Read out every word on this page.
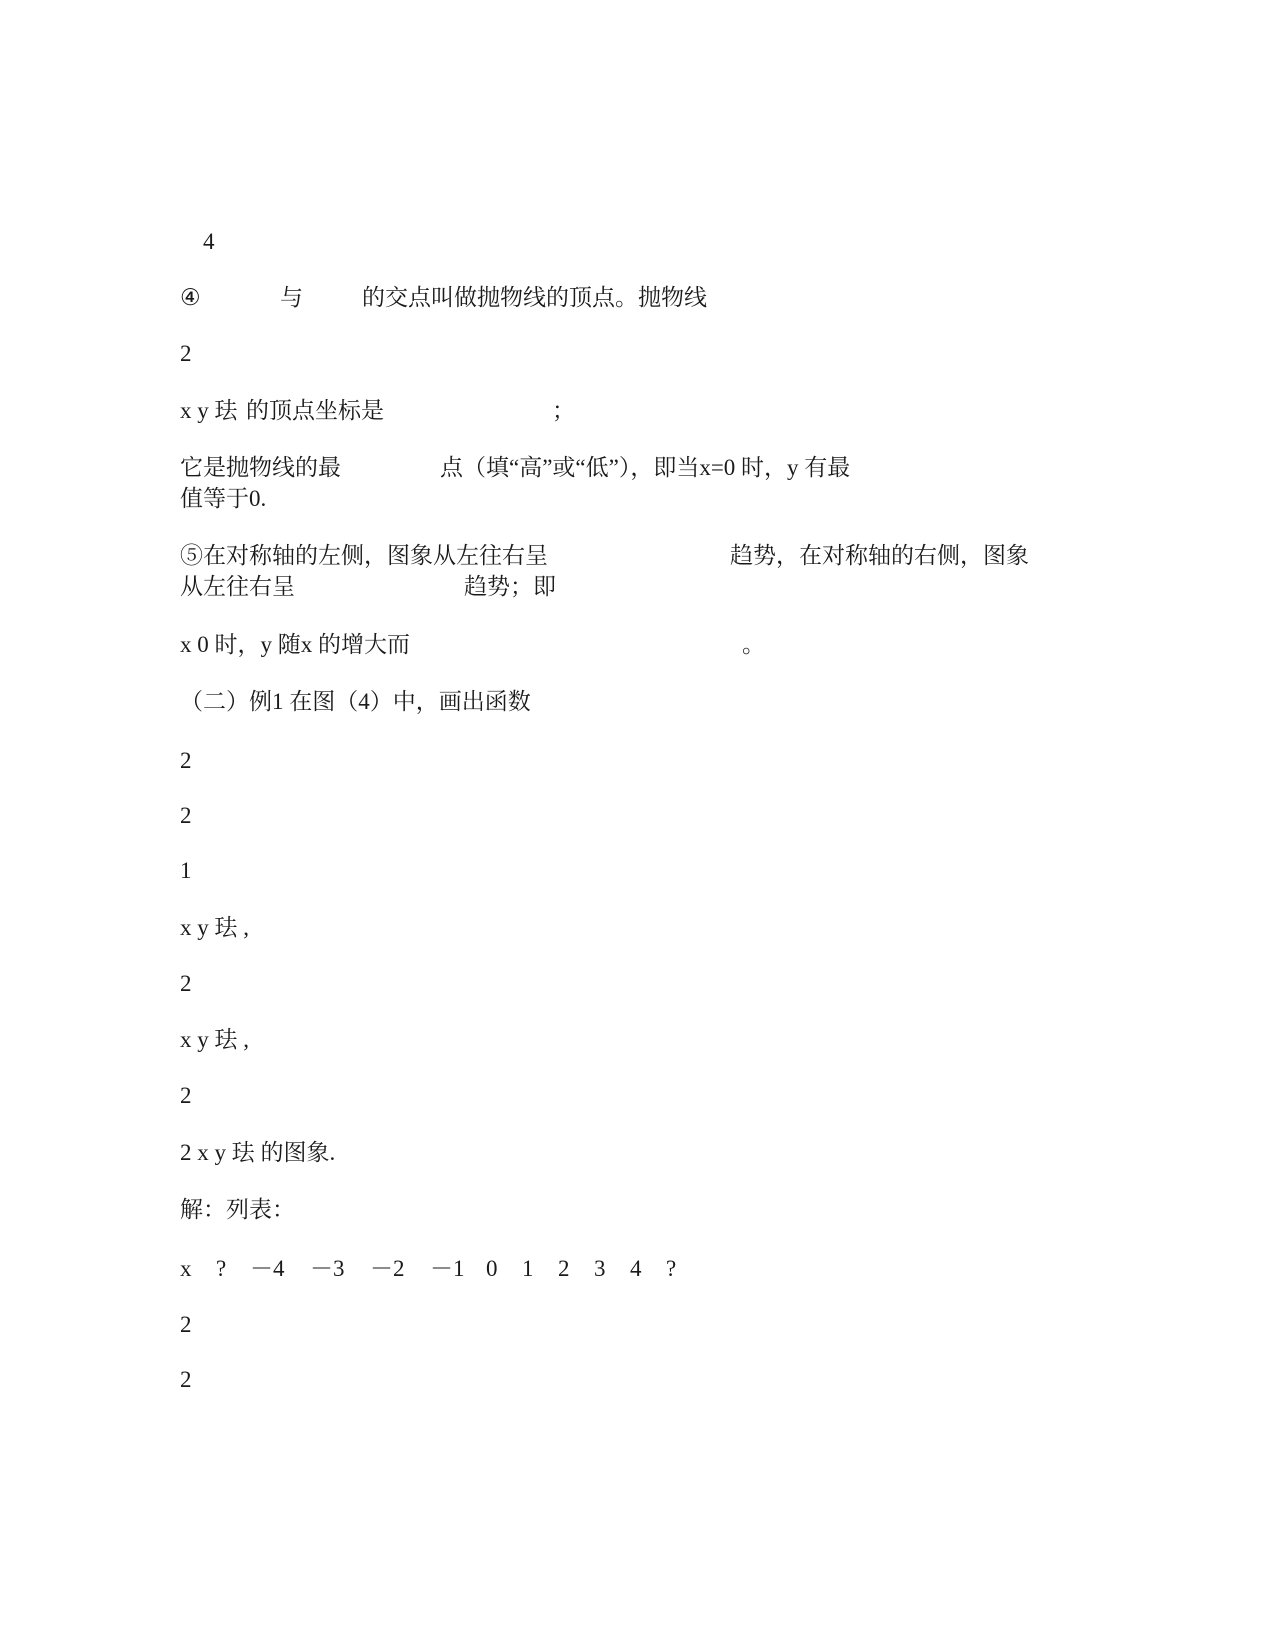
4
④	与	的交点叫做抛物线的顶点。抛物线
2
x y 珐 的顶点坐标是	；
它是抛物线的最	点（填“高”或“低”），即当x=0 时，y 有最
值等于0.
⑤在对称轴的左侧，图象从左往右呈	趋势，在对称轴的右侧，图象
从左往右呈	趋势；即
x 0 时，y 随x 的增大而	。
（二）例1 在图（4）中，画出函数
2
2
1
x y 珐 ,
2
x y 珐 ,
2
2 x y 珐 的图象.
解：列表：
x ? －4 －3 －2 －1 0 1 2 3 4 ?
2
2
